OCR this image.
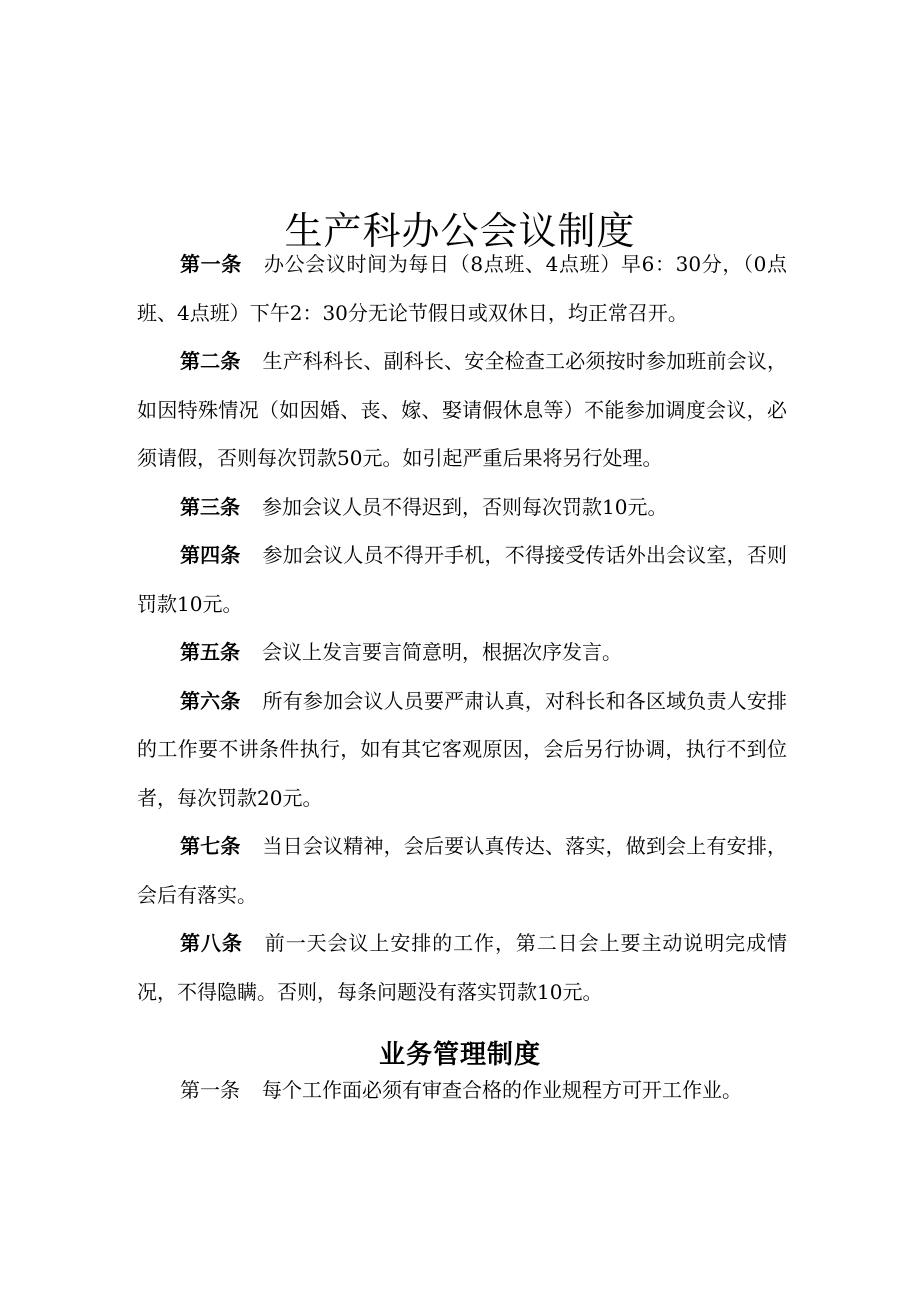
生产科办公会议制度

第一条 办公会议时间为每日（8点班、4点班）早6：30分，（0点班、4点班）下午2：30分无论节假日或双休日，均正常召开。

第二条 生产科科长、副科长、安全检查工必须按时参加班前会议，如因特殊情况（如因婚、丧、嫁、娶请假休息等）不能参加调度会议，必须请假，否则每次罚款50元。如引起严重后果将另行处理。

第三条 参加会议人员不得迟到，否则每次罚款10元。

第四条 参加会议人员不得开手机，不得接受传话外出会议室，否则罚款10元。

第五条 会议上发言要言简意明，根据次序发言。

第六条 所有参加会议人员要严肃认真，对科长和各区域负责人安排的工作要不讲条件执行，如有其它客观原因，会后另行协调，执行不到位者，每次罚款20元。

第七条 当日会议精神，会后要认真传达、落实，做到会上有安排，会后有落实。

第八条 前一天会议上安排的工作，第二日会上要主动说明完成情况，不得隐瞒。否则，每条问题没有落实罚款10元。

业务管理制度

第一条 每个工作面必须有审查合格的作业规程方可开工作业。
